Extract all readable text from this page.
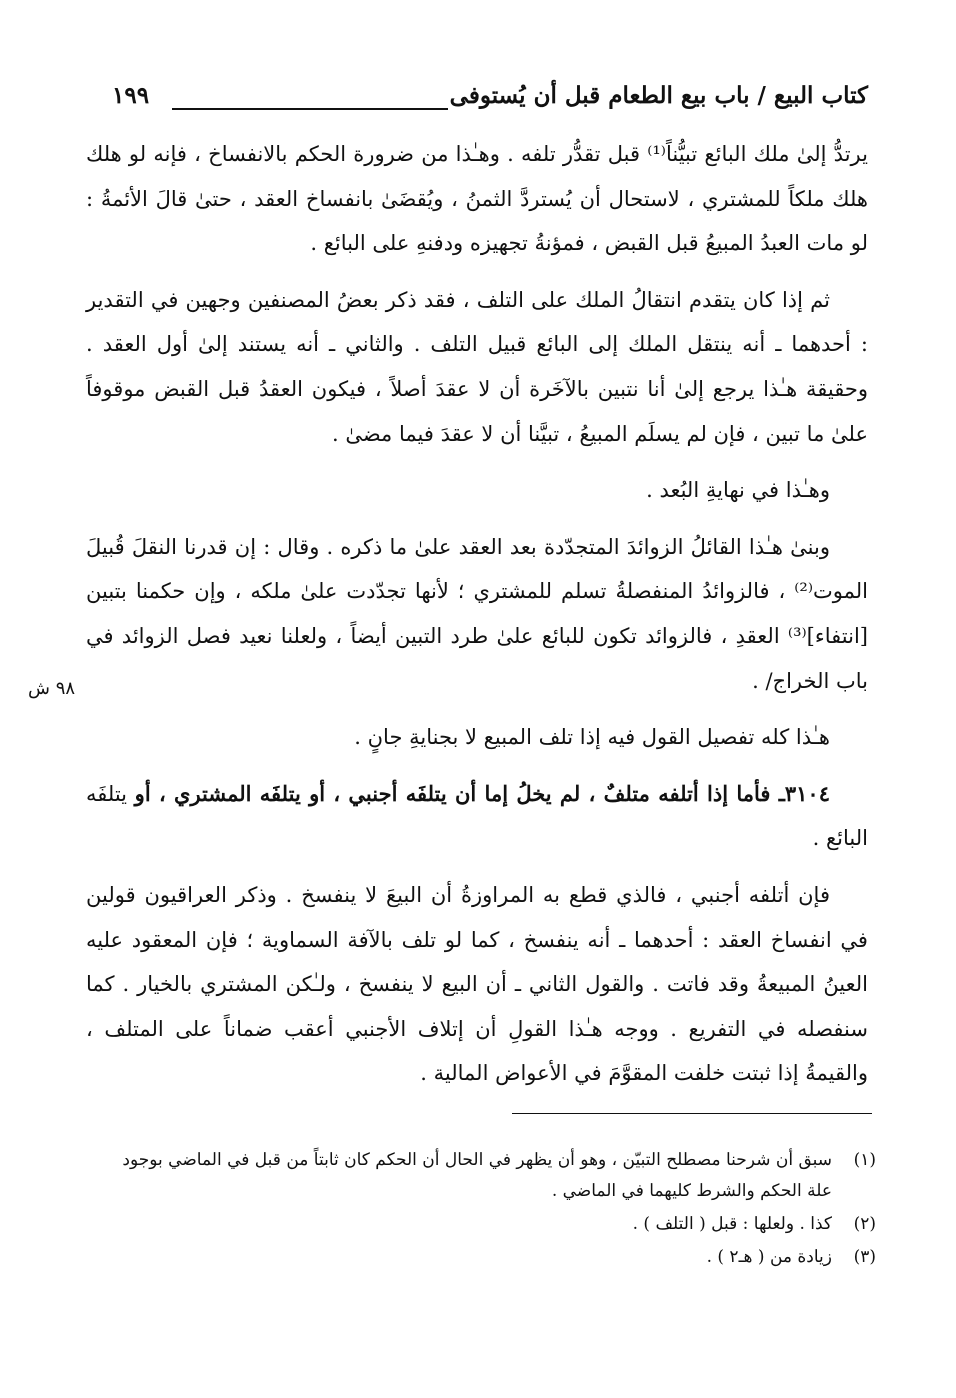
كتاب البيع / باب بيع الطعام قبل أن يُستوفى
١٩٩

يرتدُّ إلىٰ ملك البائع تبيُّناً⁽¹⁾ قبل تقدُّر تلفه . وهـٰذا من ضرورة الحكم بالانفساخ ، فإنه لو هلك هلك ملكاً للمشتري ، لاستحال أن يُستردَّ الثمنُ ، ويُقضَىٰ بانفساخ العقد ، حتىٰ قالَ الأئمةُ : لو مات العبدُ المبيعُ قبل القبض ، فمؤنةُ تجهيزه ودفنهِ على البائع .

ثم إذا كان يتقدم انتقالُ الملك على التلف ، فقد ذكر بعضُ المصنفين وجهين في التقدير : أحدهما ـ أنه ينتقل الملك إلى البائع قبيل التلف . والثاني ـ أنه يستند إلىٰ أول العقد . وحقيقة هـٰذا يرجع إلىٰ أنا نتبين بالآخَرة أن لا عقدَ أصلاً ، فيكون العقدُ قبل القبض موقوفاً علىٰ ما تبين ، فإن لم يسلَم المبيعُ ، تبيَّنا أن لا عقدَ فيما مضىٰ .

وهـٰذا في نهايةِ البُعد .

وبنىٰ هـٰذا القائلُ الزوائدَ المتجدّدة بعد العقد علىٰ ما ذكره . وقال : إن قدرنا النقلَ قُبيلَ الموت⁽²⁾ ، فالزوائدُ المنفصلةُ تسلم للمشتري ؛ لأنها تجدّدت علىٰ ملكه ، وإن حكمنا بتبين [انتفاء]⁽³⁾ العقدِ ، فالزوائد تكون للبائع علىٰ طرد التبين أيضاً ، ولعلنا نعيد فصل الزوائد في باب الخراج/ .

هـٰذا كله تفصيل القول فيه إذا تلف المبيع لا بجنايةِ جانٍ .

٣١٠٤ـ فأما إذا أتلفه متلفٌ ، لم يخلُ إما أن يتلفَه أجنبي ، أو يتلفَه المشتري ، أو يتلفَه البائع .

فإن أتلفه أجنبي ، فالذي قطع به المراوزةُ أن البيعَ لا ينفسخ . وذكر العراقيون قولين في انفساخ العقد : أحدهما ـ أنه ينفسخ ، كما لو تلف بالآفة السماوية ؛ فإن المعقود عليه العينُ المبيعةُ وقد فاتت . والقول الثاني ـ أن البيع لا ينفسخ ، ولـٰكن المشتري بالخيار . كما سنفصله في التفريع . ووجه هـٰذا القولِ أن إتلاف الأجنبي أعقب ضماناً على المتلف ، والقيمةُ إذا ثبتت خلفت المقوَّمَ في الأعواض المالية .

٩٨ ش
(١)
سبق أن شرحنا مصطلح التبيّن ، وهو أن يظهر في الحال أن الحكم كان ثابتاً من قبل في الماضي بوجود علة الحكم والشرط كليهما في الماضي .
(٢)
كذا . ولعلها : قبل ( التلف ) .
(٣)
زيادة من ( هـ٢ ) .
